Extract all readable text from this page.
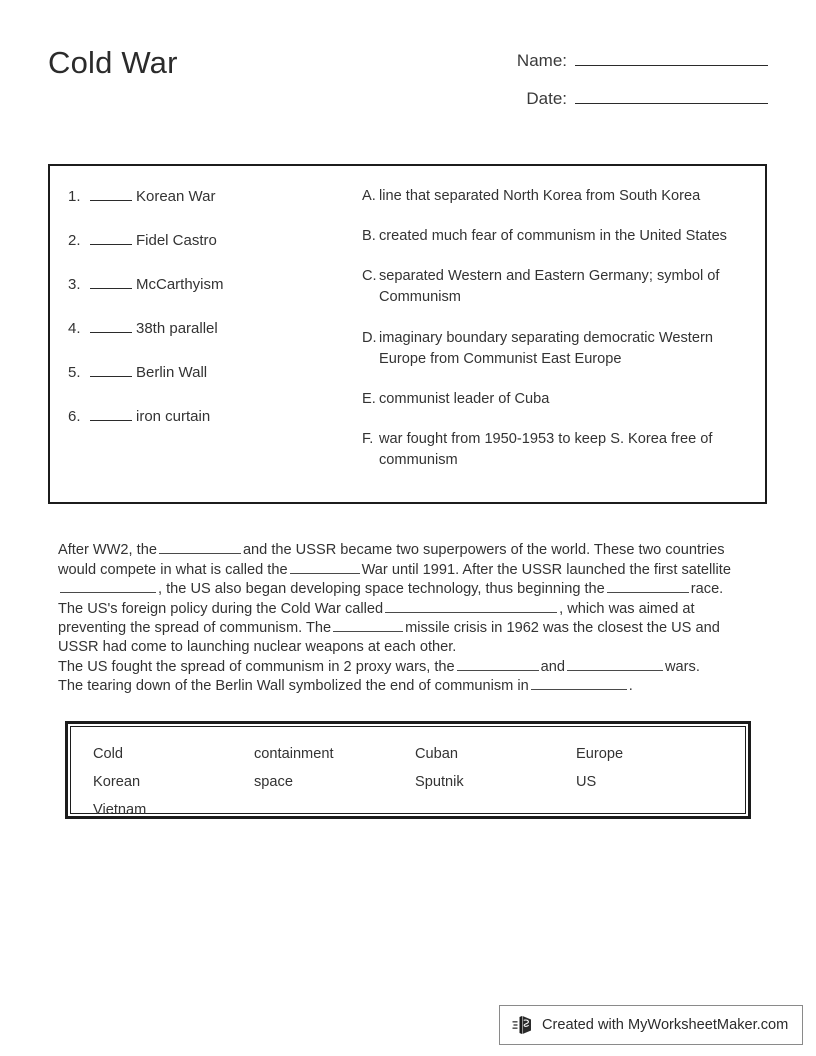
Cold War	Name:
Date:
1.	Korean War
2.	Fidel Castro
3.	McCarthyism
4.	38th parallel
5.	Berlin Wall
6.	iron curtain
A. line that separated North Korea from South Korea
B. created much fear of communism in the United States
C. separated Western and Eastern Germany; symbol of Communism
D. imaginary boundary separating democratic Western Europe from Communist East Europe
E. communist leader of Cuba
F. war fought from 1950-1953 to keep S. Korea free of communism

After WW2, the	and the USSR became two superpowers of the world. These two countries would compete in what is called the	War until 1991. After the USSR launched the first satellite, the US also began developing space technology, thus beginning the	race.

The US's foreign policy during the Cold War called	, which was aimed at preventing the spread of communism. The	missile crisis in 1962 was the closest the US and USSR had come to launching nuclear weapons at each other.

The US fought the spread of communism in 2 proxy wars, the	and	wars.

The tearing down of the Berlin Wall symbolized the end of communism in	.

Cold	containment	Cuban	Europe
Korean	space	Sputnik	US
Vietnam
Created with MyWorksheetMaker.com
